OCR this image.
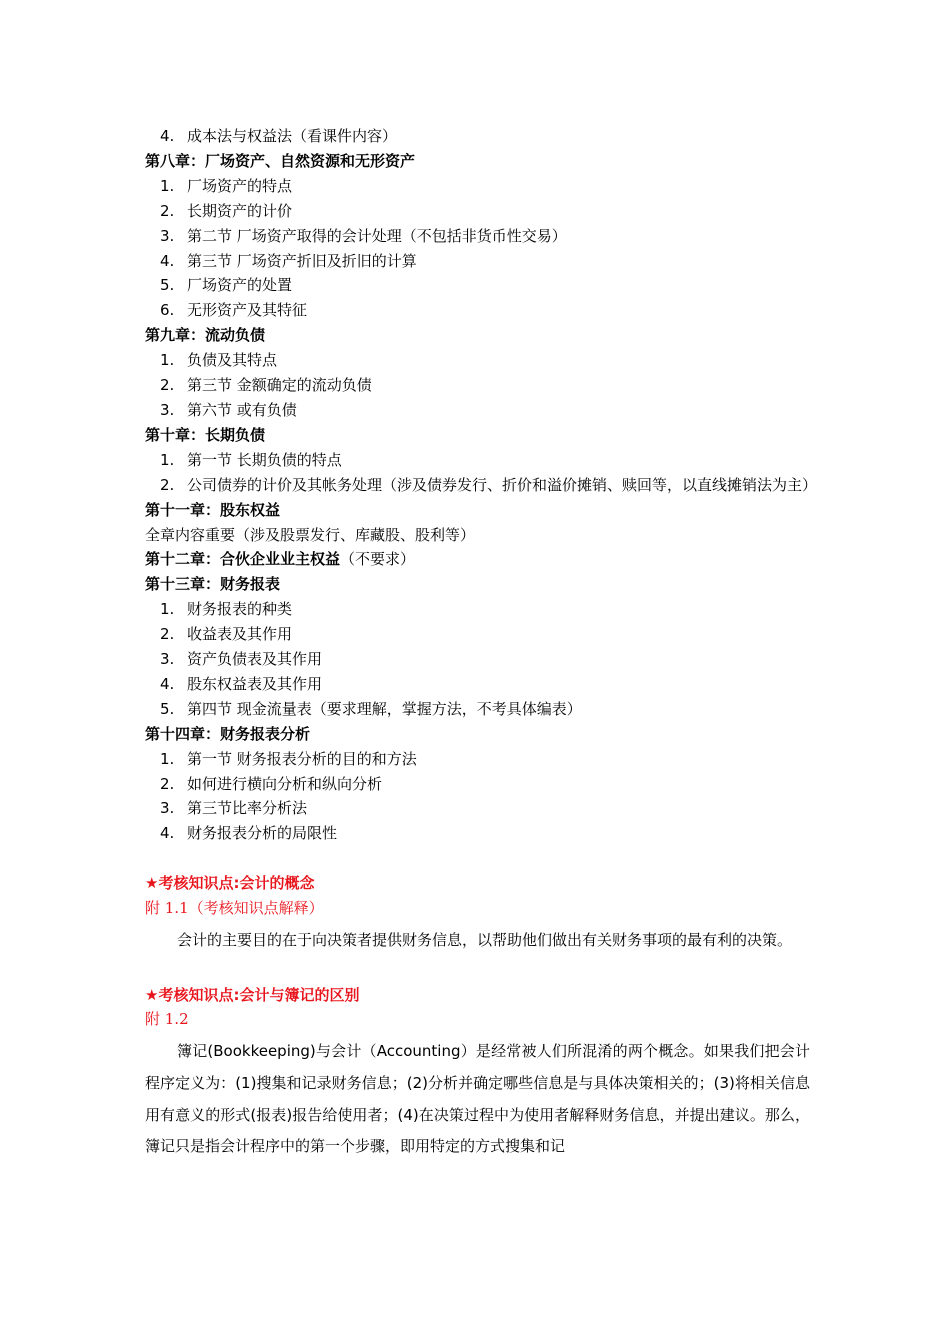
4. 成本法与权益法（看课件内容）
第八章：厂场资产、自然资源和无形资产
1. 厂场资产的特点
2. 长期资产的计价
3. 第二节 厂场资产取得的会计处理（不包括非货币性交易）
4. 第三节 厂场资产折旧及折旧的计算
5. 厂场资产的处置
6. 无形资产及其特征
第九章：流动负债
1. 负债及其特点
2. 第三节 金额确定的流动负债
3. 第六节 或有负债
第十章：长期负债
1. 第一节 长期负债的特点
2. 公司债券的计价及其帐务处理（涉及债券发行、折价和溢价摊销、赎回等，以直线摊销法为主）
第十一章：股东权益
全章内容重要（涉及股票发行、库藏股、股利等）
第十二章：合伙企业业主权益（不要求）
第十三章：财务报表
1. 财务报表的种类
2. 收益表及其作用
3. 资产负债表及其作用
4. 股东权益表及其作用
5. 第四节 现金流量表（要求理解，掌握方法，不考具体编表）
第十四章：财务报表分析
1. 第一节 财务报表分析的目的和方法
2. 如何进行横向分析和纵向分析
3. 第三节比率分析法
4. 财务报表分析的局限性
★考核知识点:会计的概念
附 1.1（考核知识点解释）
会计的主要目的在于向决策者提供财务信息，以帮助他们做出有关财务事项的最有利的决策。
★考核知识点:会计与簿记的区别
附 1.2
簿记(Bookkeeping)与会计（Accounting）是经常被人们所混淆的两个概念。如果我们把会计程序定义为：(1)搜集和记录财务信息；(2)分析并确定哪些信息是与具体决策相关的；(3)将相关信息用有意义的形式(报表)报告给使用者；(4)在决策过程中为使用者解释财务信息，并提出建议。那么，簿记只是指会计程序中的第一个步骤，即用特定的方式搜集和记
